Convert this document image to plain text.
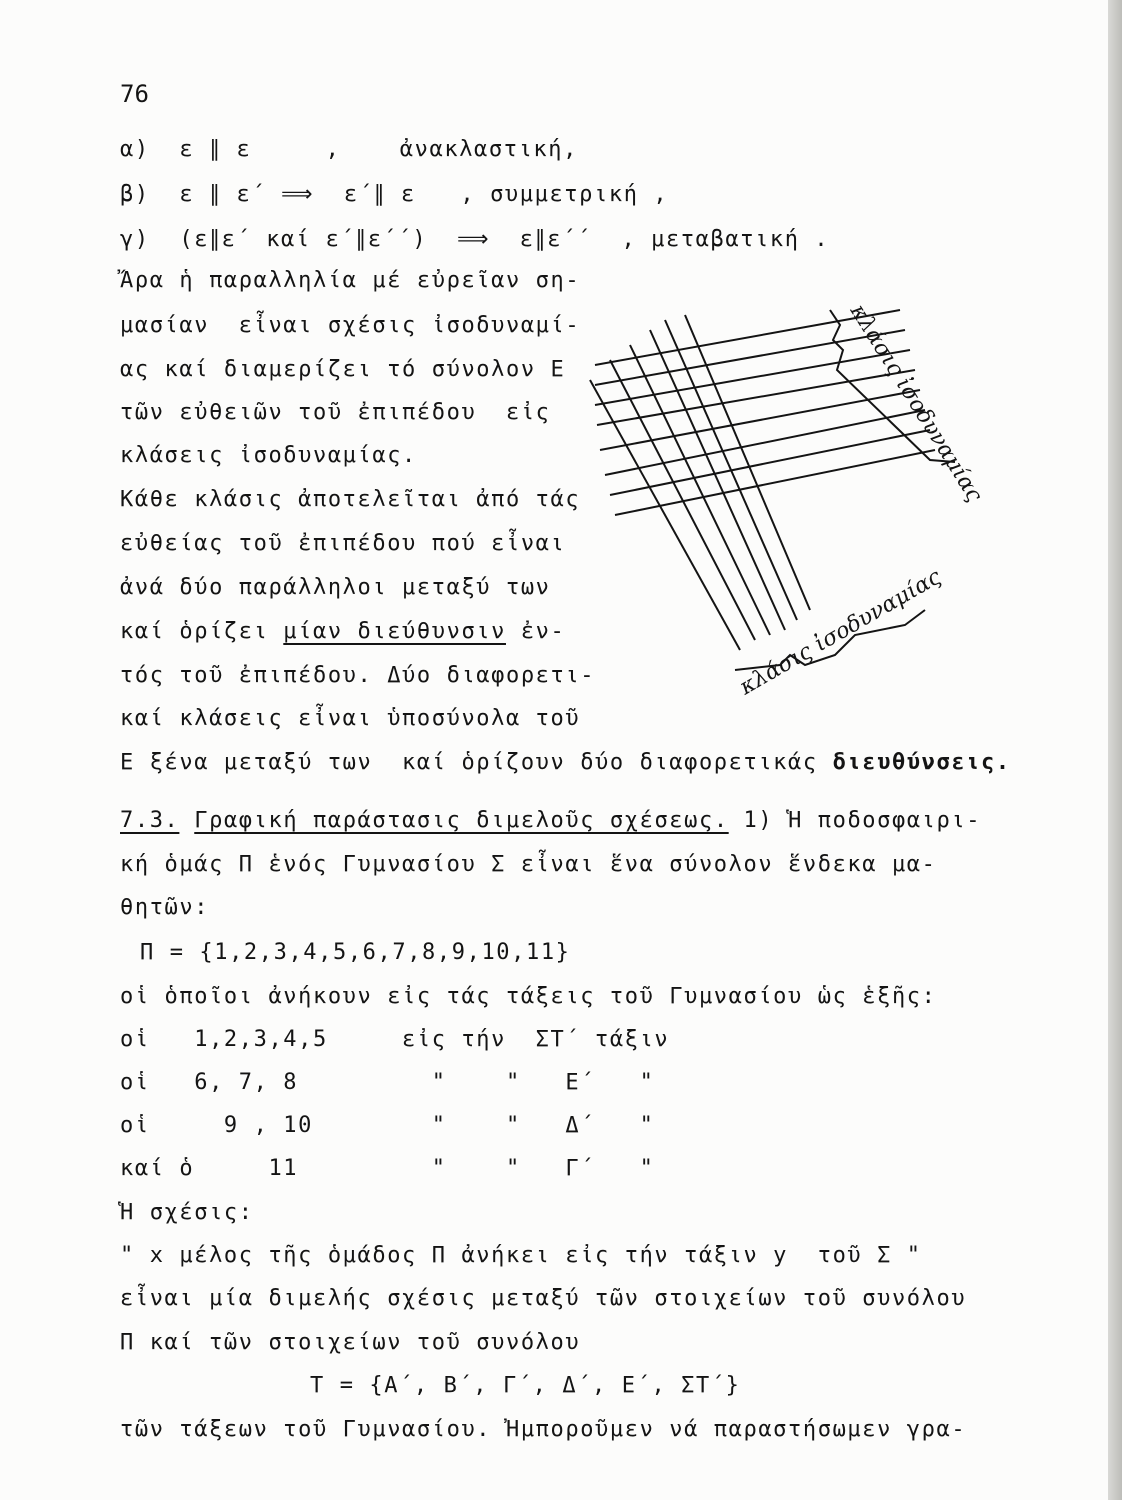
76
α)  ε ∥ ε     ,    ἀνακλαστική,
β)  ε ∥ ε΄ ⟹  ε΄∥ ε   , συμμετρική ,
γ)  (ε∥ε΄ καί ε΄∥ε΄΄)  ⟹  ε∥ε΄΄  , μεταβατική .
Ἄρα ἡ παραλληλία μέ εὐρεῖαν ση-
μασίαν  εἶναι σχέσις ἰσοδυναμί-
ας καί διαμερίζει τό σύνολον Ε
τῶν εὐθειῶν τοῦ ἐπιπέδου  εἰς
κλάσεις ἰσοδυναμίας.
Κάθε κλάσις ἀποτελεῖται ἀπό τάς
εὐθείας τοῦ ἐπιπέδου πού εἶναι
ἀνά δύο παράλληλοι μεταξύ των
καί ὁρίζει μίαν διεύθυνσιν ἐν-
τός τοῦ ἐπιπέδου. Δύο διαφορετι-
καί κλάσεις εἶναι ὑποσύνολα τοῦ
Ε ξένα μεταξύ των  καί ὁρίζουν δύο διαφορετικάς διευθύνσεις.
7.3. Γραφική παράστασις διμελοῦς σχέσεως. 1) Ἡ ποδοσφαιρι-
κή ὁμάς Π ἑνός Γυμνασίου Σ εἶναι ἕνα σύνολον ἕνδεκα μα-
θητῶν:
Π = {1,2,3,4,5,6,7,8,9,10,11}
οἱ ὁποῖοι ἀνήκουν εἰς τάς τάξεις τοῦ Γυμνασίου ὡς ἑξῆς:
οἱ   1,2,3,4,5     εἰς τήν  ΣΤ΄ τάξιν
οἱ   6, 7, 8         "    "   Ε΄   "
οἱ     9 , 10        "    "   Δ΄   "
καί ὁ     11         "    "   Γ΄   "
Ἡ σχέσις:
" x μέλος τῆς ὁμάδος Π ἀνήκει εἰς τήν τάξιν y  τοῦ Σ "
εἶναι μία διμελής σχέσις μεταξύ τῶν στοιχείων τοῦ συνόλου
Π καί τῶν στοιχείων τοῦ συνόλου
Τ = {Α΄, Β΄, Γ΄, Δ΄, Ε΄, ΣΤ΄}
τῶν τάξεων τοῦ Γυμνασίου. Ἠμποροῦμεν νά παραστήσωμεν γρα-
κλάσις ἰσοδυναμίας
κλάσις ἰσοδυναμίας
